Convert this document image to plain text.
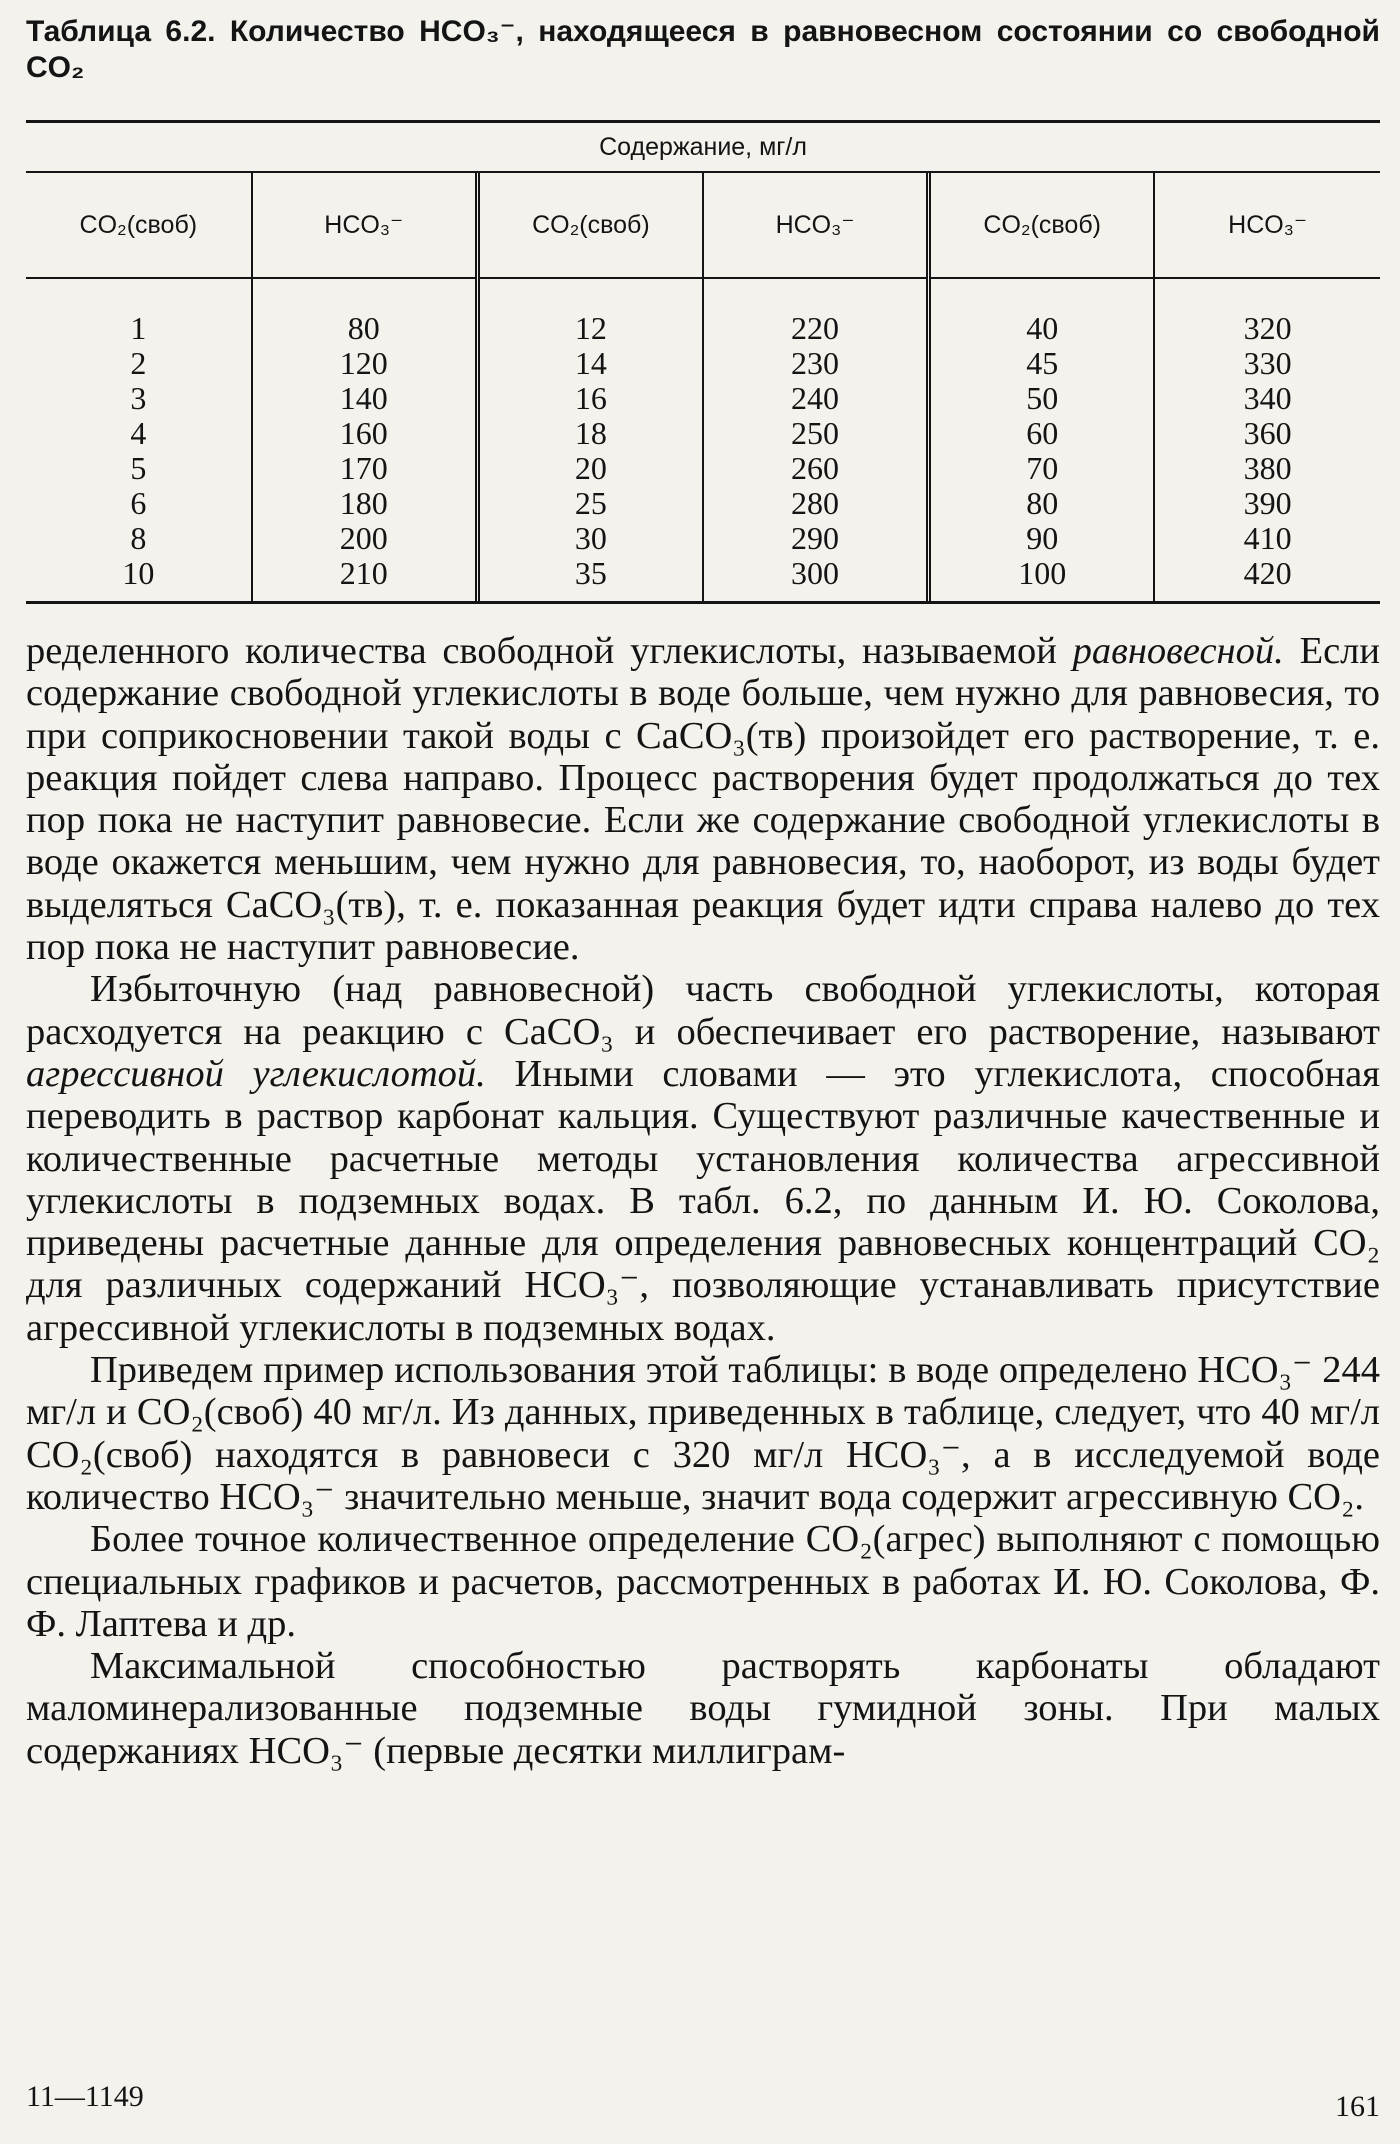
Таблица 6.2. Количество HCO₃⁻, находящееся в равновесном состоянии со свободной CO₂
Содержание, мг/л
CO₂(своб)	HCO₃⁻	CO₂(своб)	HCO₃⁻	CO₂(своб)	HCO₃⁻
1	80	12	220	40	320
2	120	14	230	45	330
3	140	16	240	50	340
4	160	18	250	60	360
5	170	20	260	70	380
6	180	25	280	80	390
8	200	30	290	90	410
10	210	35	300	100	420

ределенного количества свободной углекислоты, называемой равновесной. Если содержание свободной углекислоты в воде больше, чем нужно для равновесия, то при соприкосновении такой воды с CaCO₃(тв) произойдет его растворение, т. е. реакция пойдет слева направо. Процесс растворения будет продолжаться до тех пор пока не наступит равновесие. Если же содержание свободной углекислоты в воде окажется меньшим, чем нужно для равновесия, то, наоборот, из воды будет выделяться CaCO₃(тв), т. е. показанная реакция будет идти справа налево до тех пор пока не наступит равновесие.

Избыточную (над равновесной) часть свободной углекислоты, которая расходуется на реакцию с CaCO₃ и обеспечивает его растворение, называют агрессивной углекислотой. Иными словами — это углекислота, способная переводить в раствор карбонат кальция. Существуют различные качественные и количественные расчетные методы установления количества агрессивной углекислоты в подземных водах. В табл. 6.2, по данным И. Ю. Соколова, приведены расчетные данные для определения равновесных концентраций CO₂ для различных содержаний HCO₃⁻, позволяющие устанавливать присутствие агрессивной углекислоты в подземных водах.

Приведем пример использования этой таблицы: в воде определено HCO₃⁻ 244 мг/л и CO₂(своб) 40 мг/л. Из данных, приведенных в таблице, следует, что 40 мг/л CO₂(своб) находятся в равновеси с 320 мг/л HCO₃⁻, а в исследуемой воде количество HCO₃⁻ значительно меньше, значит вода содержит агрессивную CO₂.

Более точное количественное определение CO₂(агрес) выполняют с помощью специальных графиков и расчетов, рассмотренных в работах И. Ю. Соколова, Ф. Ф. Лаптева и др.

Максимальной способностью растворять карбонаты обладают маломинерализованные подземные воды гумидной зоны. При малых содержаниях HCO₃⁻ (первые десятки миллиграм-

11—1149	161
